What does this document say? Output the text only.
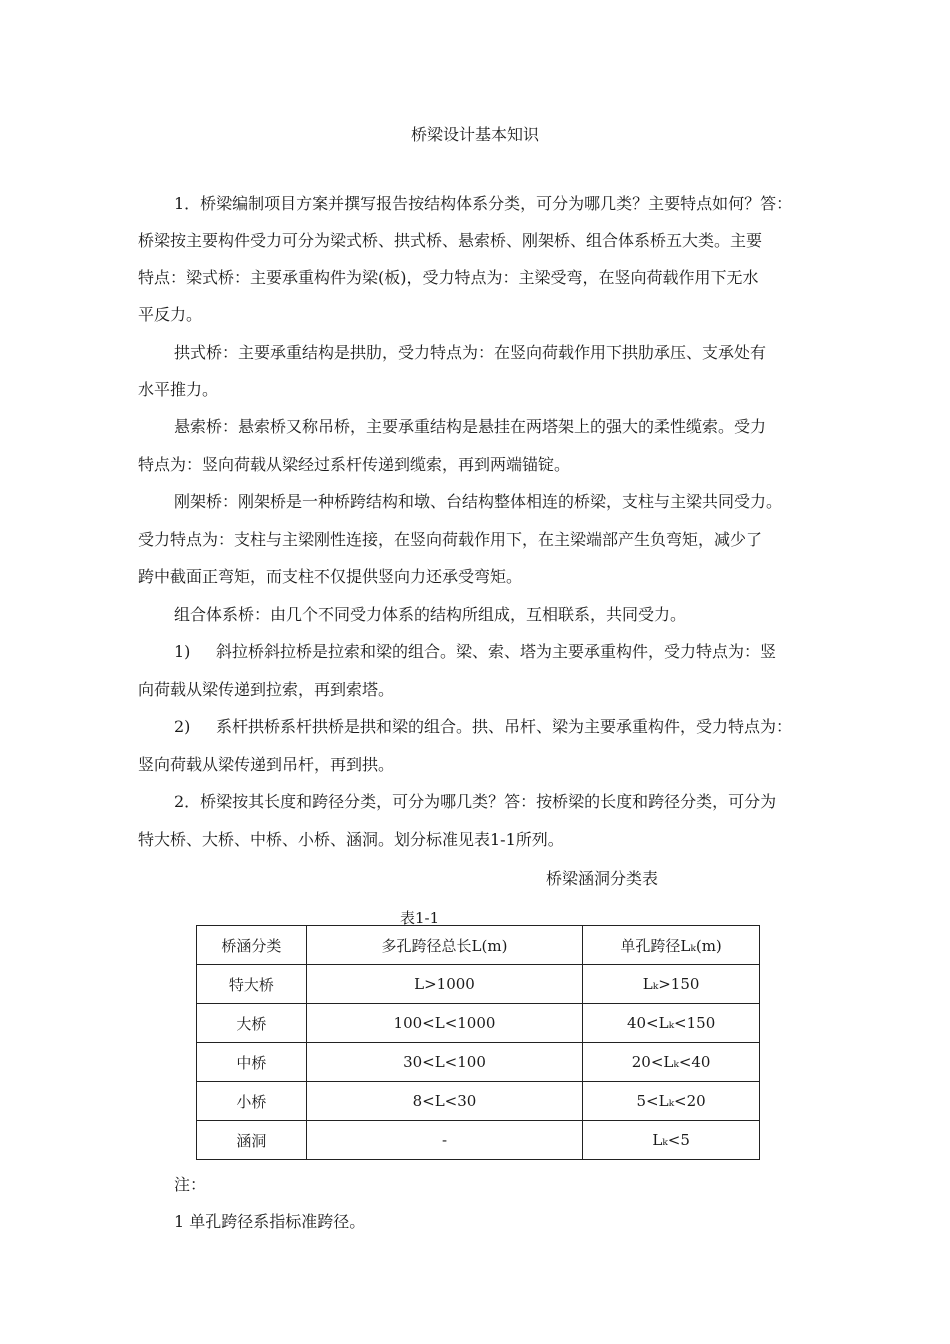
桥梁设计基本知识
1．桥梁编制项目方案并撰写报告按结构体系分类，可分为哪几类？主要特点如何？答：
桥梁按主要构件受力可分为梁式桥、拱式桥、悬索桥、刚架桥、组合体系桥五大类。主要
特点：梁式桥：主要承重构件为梁(板)，受力特点为：主梁受弯，在竖向荷载作用下无水
平反力。
拱式桥：主要承重结构是拱肋，受力特点为：在竖向荷载作用下拱肋承压、支承处有
水平推力。
悬索桥：悬索桥又称吊桥，主要承重结构是悬挂在两塔架上的强大的柔性缆索。受力
特点为：竖向荷载从梁经过系杆传递到缆索，再到两端锚锭。
刚架桥：刚架桥是一种桥跨结构和墩、台结构整体相连的桥梁，支柱与主梁共同受力。
受力特点为：支柱与主梁刚性连接，在竖向荷载作用下，在主梁端部产生负弯矩，减少了
跨中截面正弯矩，而支柱不仅提供竖向力还承受弯矩。
组合体系桥：由几个不同受力体系的结构所组成，互相联系，共同受力。
1) 斜拉桥斜拉桥是拉索和梁的组合。梁、索、塔为主要承重构件，受力特点为：竖
向荷载从梁传递到拉索，再到索塔。
2) 系杆拱桥系杆拱桥是拱和梁的组合。拱、吊杆、梁为主要承重构件，受力特点为：
竖向荷载从梁传递到吊杆，再到拱。
2．桥梁按其长度和跨径分类，可分为哪几类？答：按桥梁的长度和跨径分类，可分为
特大桥、大桥、中桥、小桥、涵洞。划分标准见表1-1所列。
桥梁涵洞分类表
表1-1
桥涵分类	多孔跨径总长L(m)	单孔跨径Lₖ(m)
特大桥	L>1000	Lₖ>150
大桥	100<L<1000	40<Lₖ<150
中桥	30<L<100	20<Lₖ<40
小桥	8<L<30	5<Lₖ<20
涵洞	-	Lₖ<5
注：
1 单孔跨径系指标准跨径。
